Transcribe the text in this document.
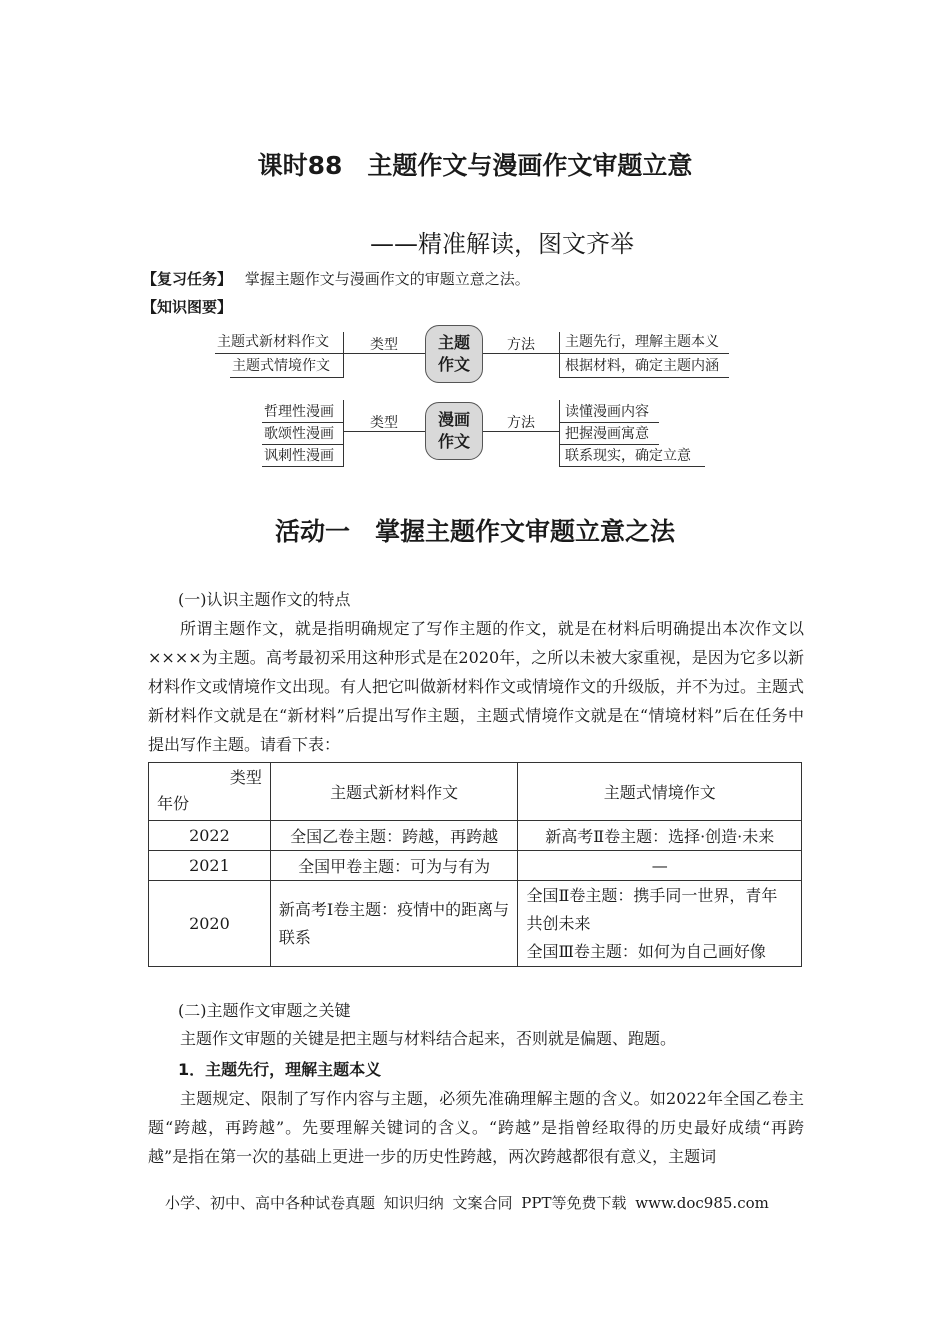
课时88　主题作文与漫画作文审题立意
——精准解读，图文齐举
【复习任务】 掌握主题作文与漫画作文的审题立意之法。
【知识图要】
主题式新材料作文
主题式情境作文
类型	主题
作文
方法 主题先行，理解主题本义
根据材料，确定主题内涵
哲理性漫画
歌颂性漫画
讽刺性漫画
类型	漫画
作文
方法
读懂漫画内容
把握漫画寓意
联系现实，确定立意
活动一　掌握主题作文审题立意之法
(一)认识主题作文的特点

所谓主题作文，就是指明确规定了写作主题的作文，就是在材料后明确提出本次作文以××××为主题。高考最初采用这种形式是在2020年，之所以未被大家重视，是因为它多以新材料作文或情境作文出现。有人把它叫做新材料作文或情境作文的升级版，并不为过。主题式新材料作文就是在“新材料”后提出写作主题，主题式情境作文就是在“情境材料”后在任务中提出写作主题。请看下表：

类型
年份	主题式新材料作文	主题式情境作文
2022	全国乙卷主题：跨越，再跨越	新高考Ⅱ卷主题：选择·创造·未来
2021	全国甲卷主题：可为与有为	—
2020	新高考Ⅰ卷主题：疫情中的距离与联系	全国Ⅱ卷主题：携手同一世界，青年共创未来
全国Ⅲ卷主题：如何为自己画好像
(二)主题作文审题之关键

主题作文审题的关键是把主题与材料结合起来，否则就是偏题、跑题。

1．主题先行，理解主题本义

主题规定、限制了写作内容与主题，必须先准确理解主题的含义。如2022年全国乙卷主题“跨越，再跨越”。先要理解关键词的含义。“跨越”是指曾经取得的历史最好成绩“再跨越”是指在第一次的基础上更进一步的历史性跨越，两次跨越都很有意义，主题词

小学、初中、高中各种试卷真题 知识归纳 文案合同 PPT等免费下载 www.doc985.com
